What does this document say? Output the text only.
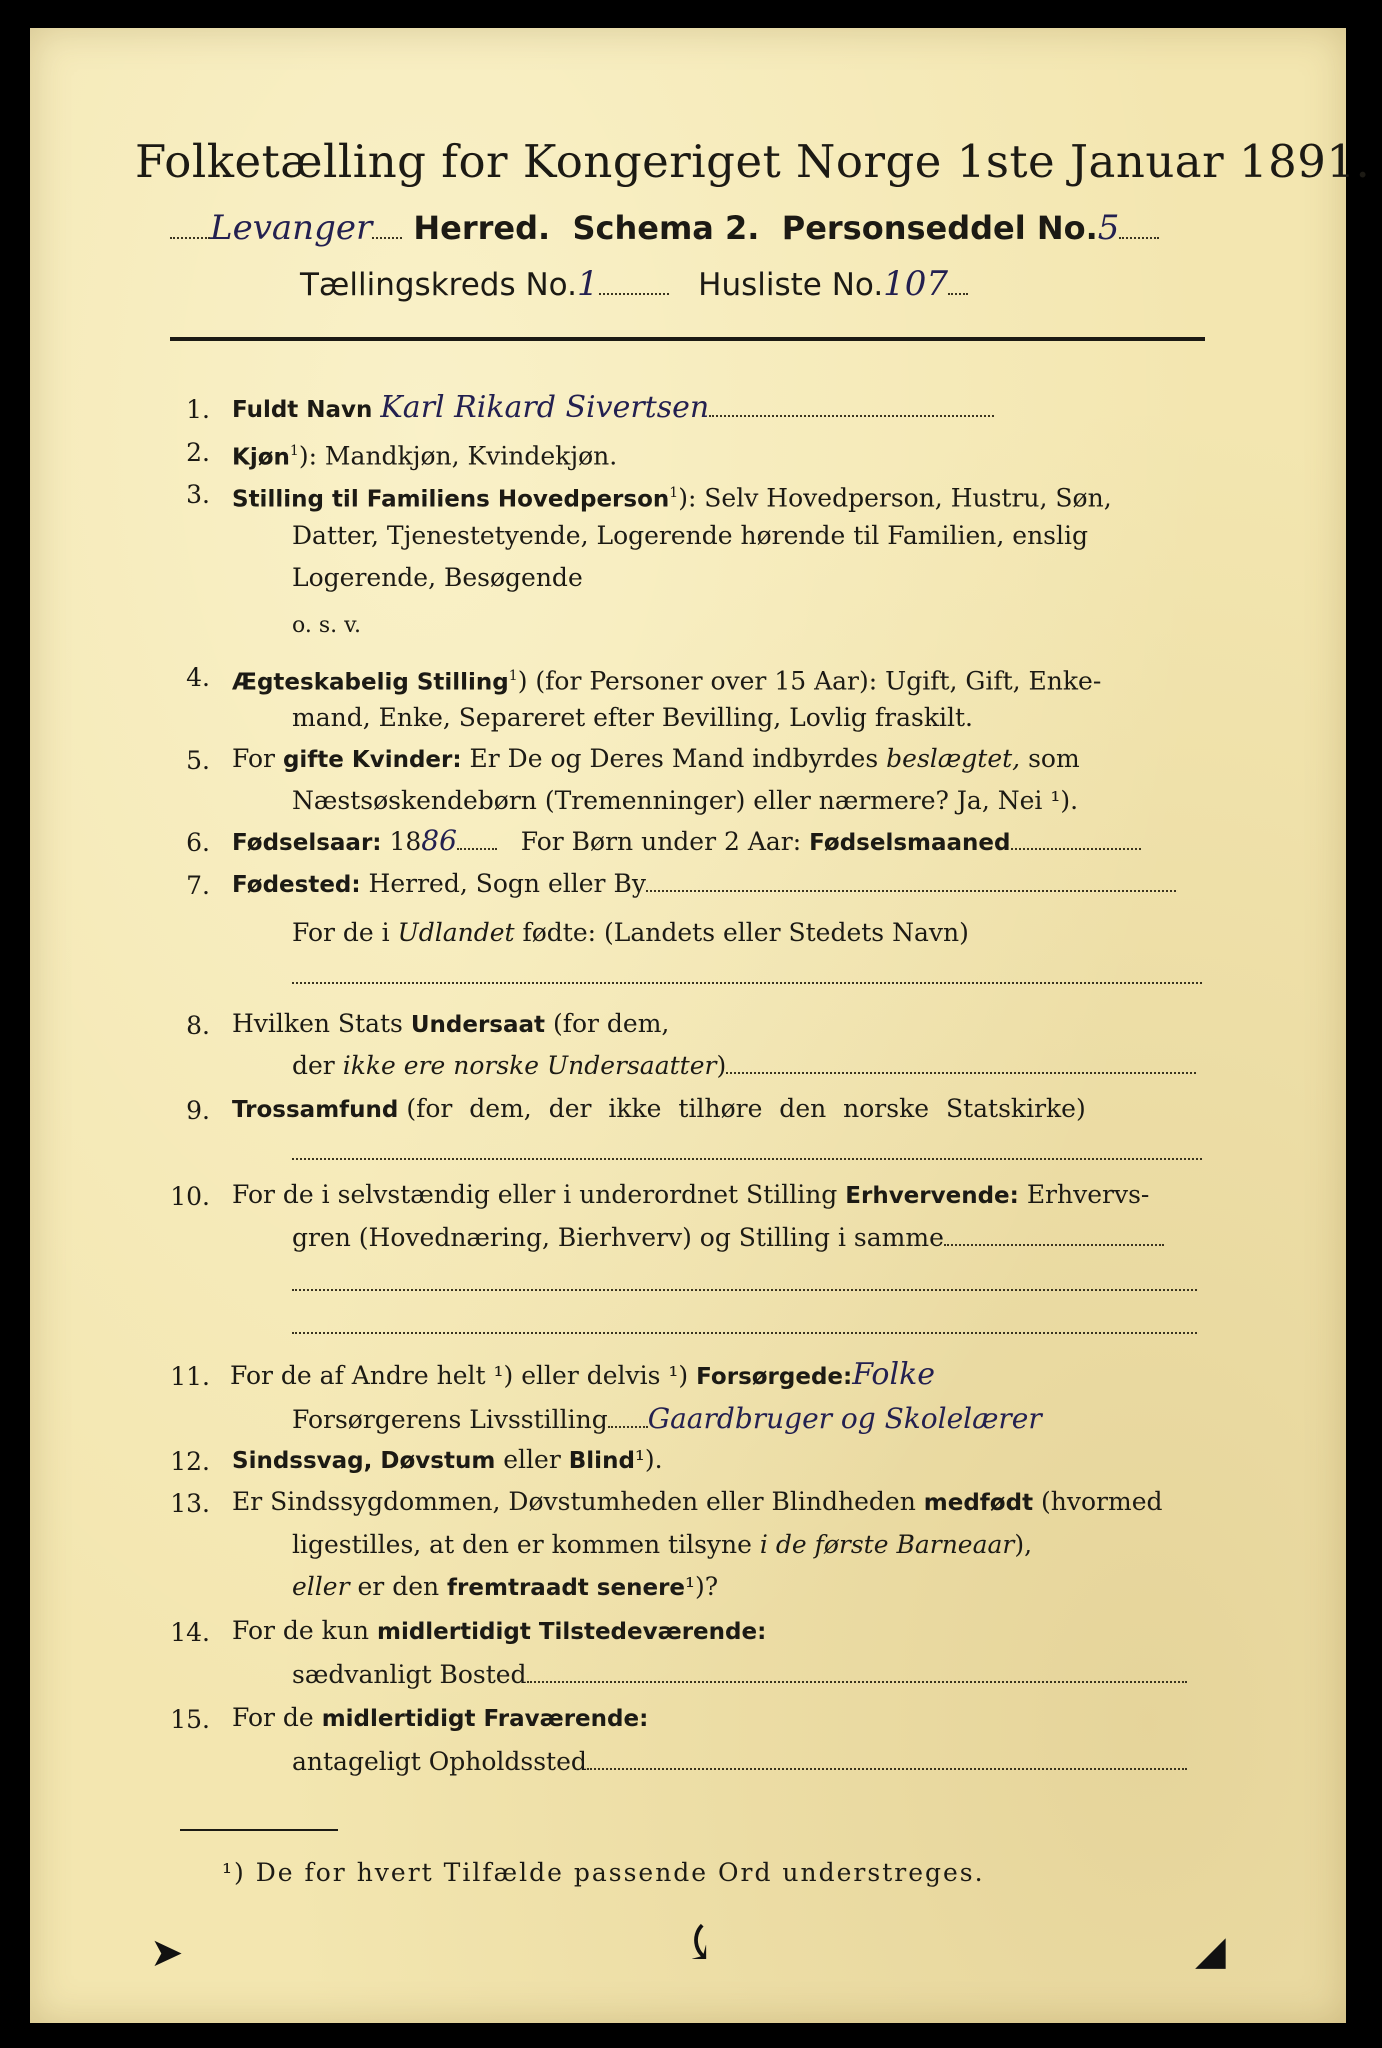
Folketælling for Kongeriget Norge 1ste Januar 1891.
Levanger Herred. Schema 2. Personseddel No.5
Tællingskreds No.1	Husliste No.107
1. Fuldt Navn Karl Rikard Sivertsen
2. Kjøn$^1$): Mandkjøn, Kvindekjøn.
3. Stilling til Familiens Hovedperson$^1$): Selv Hovedperson, Hustru, Søn,
Datter, Tjenestetyende, Logerende hørende til Familien, enslig
Logerende, Besøgende
o. s. v.
4. Ægteskabelig Stilling$^1$) (for Personer over 15 Aar): Ugift, Gift, Enke-
mand, Enke, Separeret efter Bevilling, Lovlig fraskilt.
5. For gifte Kvinder: Er De og Deres Mand indbyrdes beslægtet, som
Næstsøskendebørn (Tremenninger) eller nærmere? Ja, Nei ¹).
6. Fødselsaar: 1886	For Børn under 2 Aar: Fødselsmaaned
7. Fødested: Herred, Sogn eller By
For de i Udlandet fødte: (Landets eller Stedets Navn)
8. Hvilken Stats Undersaat (for dem,
der ikke ere norske Undersaatter)
9. Trossamfund (for dem, der ikke tilhøre den norske Statskirke)
10. For de i selvstændig eller i underordnet Stilling Erhvervende: Erhvervs-
gren (Hovednæring, Bierhverv) og Stilling i samme
11. For de af Andre helt ¹) eller delvis ¹) Forsørgede:Folke
Forsørgerens Livsstilling Gaardbruger og Skolelærer
12. Sindssvag, Døvstum eller Blind¹).
13. Er Sindssygdommen, Døvstumheden eller Blindheden medfødt (hvormed
ligestilles, at den er kommen tilsyne i de første Barneaar),
eller er den fremtraadt senere¹)?
14. For de kun midlertidigt Tilstedeværende:
sædvanligt Bosted
15. For de midlertidigt Fraværende:
antageligt Opholdssted
¹) De for hvert Tilfælde passende Ord understreges.
➤	⤹	◢
